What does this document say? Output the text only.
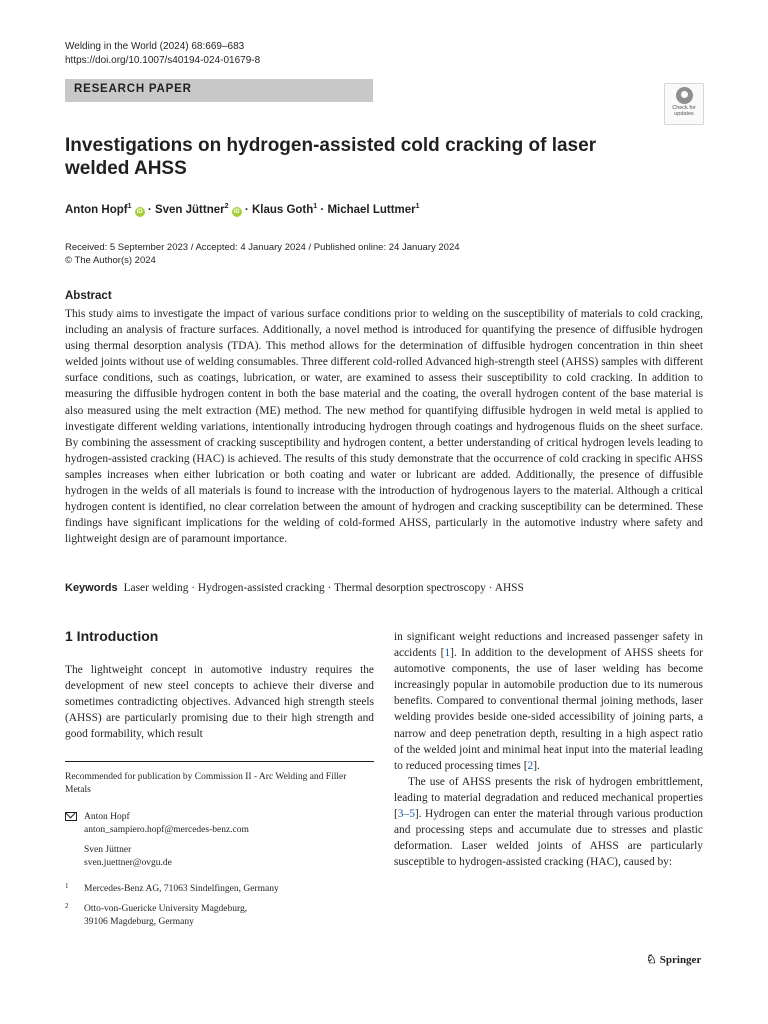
Welding in the World (2024) 68:669–683
https://doi.org/10.1007/s40194-024-01679-8
RESEARCH PAPER
Check for
updates
Investigations on hydrogen-assisted cold cracking of laser welded AHSS
Anton Hopf$^1$ iD · Sven Jüttner$^2$ iD · Klaus Goth$^1$ · Michael Luttmer$^1$
Received: 5 September 2023 / Accepted: 4 January 2024 / Published online: 24 January 2024
© The Author(s) 2024
Abstract

This study aims to investigate the impact of various surface conditions prior to welding on the susceptibility of materials to cold cracking, including an analysis of fracture surfaces. Additionally, a novel method is introduced for quantifying the presence of diffusible hydrogen using thermal desorption analysis (TDA). This method allows for the determination of diffusible hydrogen concentration in thin sheet welded joints without use of welding consumables. Three different cold-rolled Advanced high-strength steel (AHSS) samples with different surface conditions, such as coatings, lubrication, or water, are examined to assess their susceptibility to cold cracking. In addition to measuring the diffusible hydrogen content in both the base material and the coating, the overall hydrogen content of the base material is also measured using the melt extraction (ME) method. The new method for quantifying diffusible hydrogen in weld metal is applied to investigate different welding variations, intentionally introducing hydrogen through coatings and hydrogenous fluids on the sheet surface. By combining the assessment of cracking susceptibility and hydrogen content, a better understanding of critical hydrogen levels leading to hydrogen-assisted cracking (HAC) is achieved. The results of this study demonstrate that the occurrence of cold cracking in specific AHSS samples increases when either lubrication or both coating and water or lubricant are added. Additionally, the presence of diffusible hydrogen in the welds of all materials is found to increase with the introduction of hydrogenous layers to the material. Although a critical hydrogen content is identified, no clear correlation between the amount of hydrogen and cracking susceptibility can be determined. These findings have significant implications for the welding of cold-formed AHSS, particularly in the automotive industry where safety and lightweight design are of paramount importance.

Keywords Laser welding · Hydrogen-assisted cracking · Thermal desorption spectroscopy · AHSS
1 Introduction

The lightweight concept in automotive industry requires the development of new steel concepts to achieve their diverse and sometimes contradicting objectives. Advanced high strength steels (AHSS) are particularly promising due to their high strength and good formability, which result

Recommended for publication by Commission II - Arc Welding and Filler Metals

Anton Hopf
anton_sampiero.hopf@mercedes-benz.com
Sven Jüttner
sven.juettner@ovgu.de
1 Mercedes-Benz AG, 71063 Sindelfingen, Germany
2 Otto-von-Guericke University Magdeburg,
39106 Magdeburg, Germany

in significant weight reductions and increased passenger safety in accidents [1]. In addition to the development of AHSS sheets for automotive components, the use of laser welding has become increasingly popular in automobile production due to its numerous benefits. Compared to conventional thermal joining methods, laser welding provides beside one-sided accessibility of joining parts, a narrow and deep penetration depth, resulting in a high aspect ratio of the welded joint and minimal heat input into the material leading to reduced processing times [2].

The use of AHSS presents the risk of hydrogen embrittlement, leading to material degradation and reduced mechanical properties [3–5]. Hydrogen can enter the material through various production and processing steps and accumulate due to stresses and plastic deformation. Laser welded joints of AHSS are particularly susceptible to hydrogen-assisted cracking (HAC), caused by:

♘ Springer
